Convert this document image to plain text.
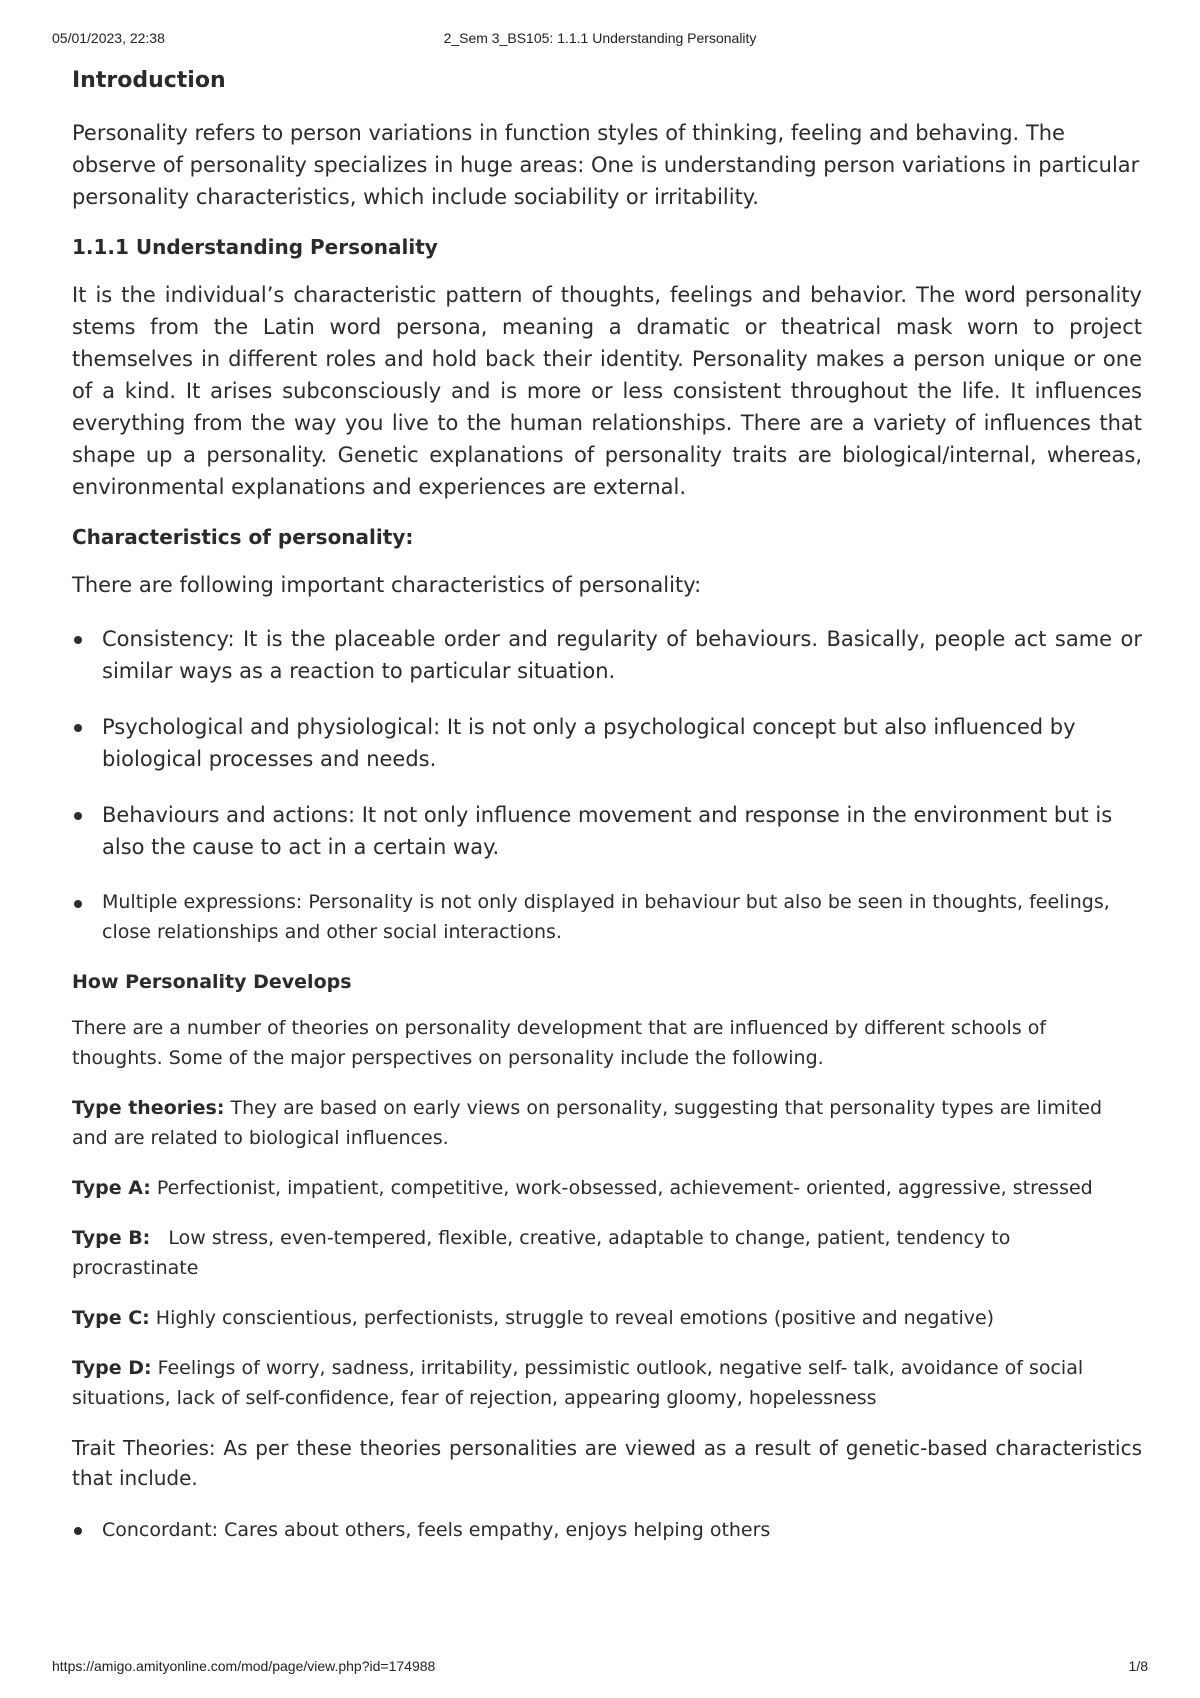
05/01/2023, 22:38	2_Sem 3_BS105: 1.1.1 Understanding Personality
Introduction

Personality refers to person variations in function styles of thinking, feeling and behaving. The observe of personality specializes in huge areas: One is understanding person variations in particular personality characteristics, which include sociability or irritability.

1.1.1 Understanding Personality

It is the individual’s characteristic pattern of thoughts, feelings and behavior. The word personality stems from the Latin word persona, meaning a dramatic or theatrical mask worn to project themselves in different roles and hold back their identity. Personality makes a person unique or one of a kind. It arises subconsciously and is more or less consistent throughout the life. It influences everything from the way you live to the human relationships. There are a variety of influences that shape up a personality. Genetic explanations of personality traits are biological/internal, whereas, environmental explanations and experiences are external.

Characteristics of personality:

There are following important characteristics of personality:

Consistency: It is the placeable order and regularity of behaviours. Basically, people act same or similar ways as a reaction to particular situation.
Psychological and physiological: It is not only a psychological concept but also influenced by biological processes and needs.
Behaviours and actions: It not only influence movement and response in the environment but is also the cause to act in a certain way.
Multiple expressions: Personality is not only displayed in behaviour but also be seen in thoughts, feelings, close relationships and other social interactions.
How Personality Develops

There are a number of theories on personality development that are influenced by different schools of thoughts. Some of the major perspectives on personality include the following.

Type theories: They are based on early views on personality, suggesting that personality types are limited and are related to biological influences.

Type A: Perfectionist, impatient, competitive, work-obsessed, achievement- oriented, aggressive, stressed

Type B:   Low stress, even-tempered, flexible, creative, adaptable to change, patient, tendency to procrastinate

Type C: Highly conscientious, perfectionists, struggle to reveal emotions (positive and negative)

Type D: Feelings of worry, sadness, irritability, pessimistic outlook, negative self- talk, avoidance of social situations, lack of self-confidence, fear of rejection, appearing gloomy, hopelessness

Trait Theories: As per these theories personalities are viewed as a result of genetic-based characteristics that include.

Concordant: Cares about others, feels empathy, enjoys helping others
https://amigo.amityonline.com/mod/page/view.php?id=174988	1/8
